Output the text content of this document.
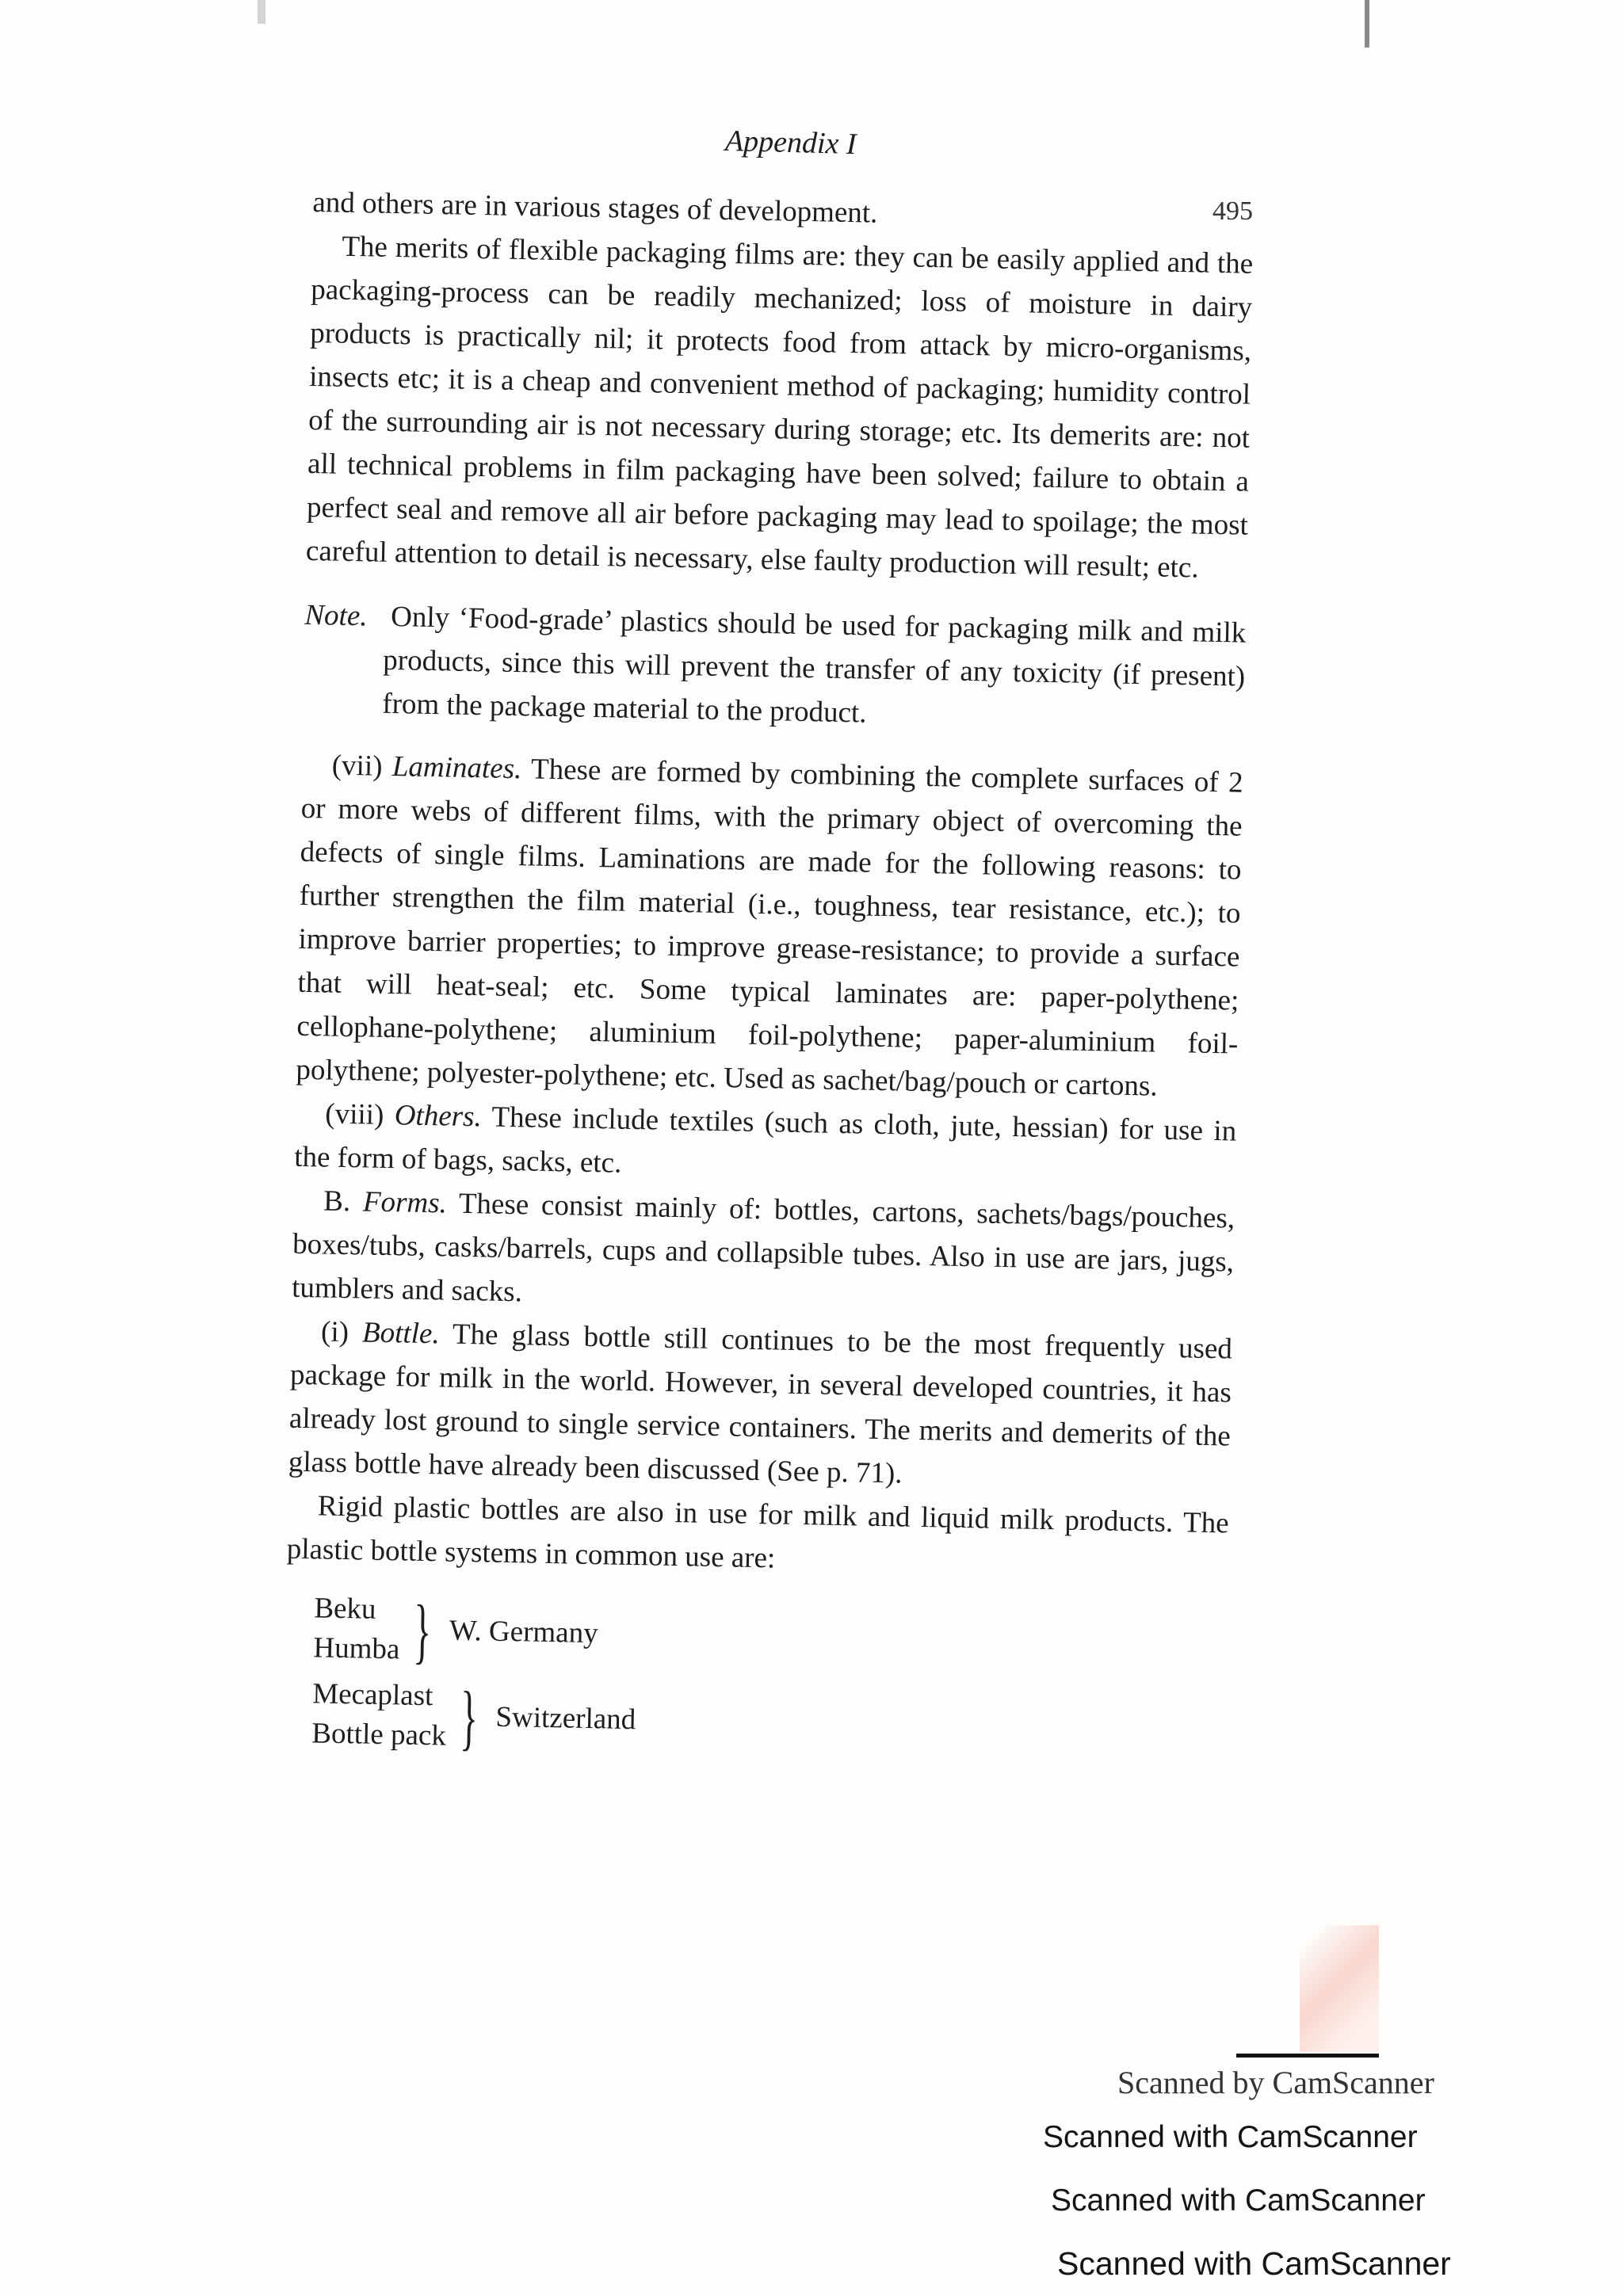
Appendix I
495

and others are in various stages of development.

The merits of flexible packaging films are: they can be easily applied and the packaging-process can be readily mechanized; loss of moisture in dairy products is practically nil; it protects food from attack by micro-organisms, insects etc; it is a cheap and convenient method of packaging; humidity control of the surrounding air is not necessary during storage; etc. Its demerits are: not all technical problems in film packaging have been solved; failure to obtain a perfect seal and remove all air before packaging may lead to spoilage; the most careful attention to detail is necessary, else faulty production will result; etc.

Note. Only ‘Food-grade’ plastics should be used for packaging milk and milk products, since this will prevent the transfer of any toxicity (if present) from the package material to the product.

(vii) Laminates. These are formed by combining the complete surfaces of 2 or more webs of different films, with the primary object of overcoming the defects of single films. Laminations are made for the following reasons: to further strengthen the film material (i.e., toughness, tear resistance, etc.); to improve barrier properties; to improve grease-resistance; to provide a surface that will heat-seal; etc. Some typical laminates are: paper-polythene; cellophane-polythene; aluminium foil-polythene; paper-aluminium foil-polythene; polyester-polythene; etc. Used as sachet/bag/pouch or cartons.

(viii) Others. These include textiles (such as cloth, jute, hessian) for use in the form of bags, sacks, etc.

B. Forms. These consist mainly of: bottles, cartons, sachets/bags/pouches, boxes/tubs, casks/barrels, cups and collapsible tubes. Also in use are jars, jugs, tumblers and sacks.

(i) Bottle. The glass bottle still continues to be the most frequently used package for milk in the world. However, in several developed countries, it has already lost ground to single service containers. The merits and demerits of the glass bottle have already been discussed (See p. 71).

Rigid plastic bottles are also in use for milk and liquid milk products. The plastic bottle systems in common use are:

Beku
Humba } W. Germany
Mecaplast
Bottle pack } Switzerland
Scanned by CamScanner
Scanned with CamScanner
Scanned with CamScanner
Scanned with CamScanner
